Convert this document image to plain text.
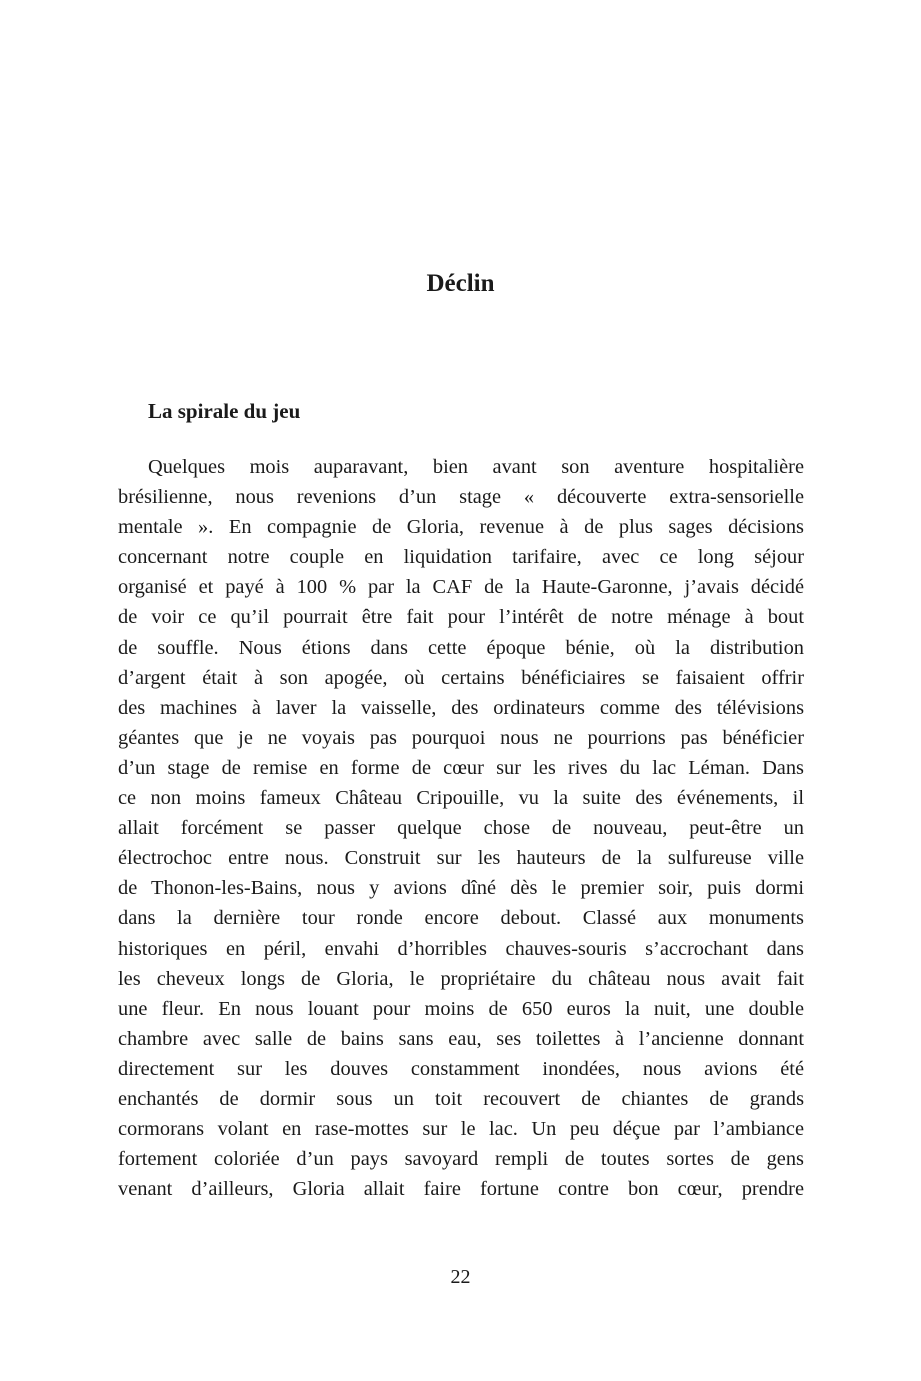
Déclin
La spirale du jeu
Quelques mois auparavant, bien avant son aventure hospitalière
brésilienne, nous revenions d’un stage « découverte extra-sensorielle
mentale ». En compagnie de Gloria, revenue à de plus sages décisions
concernant notre couple en liquidation tarifaire, avec ce long séjour
organisé et payé à 100 % par la CAF de la Haute-Garonne, j’avais décidé
de voir ce qu’il pourrait être fait pour l’intérêt de notre ménage à bout
de souffle. Nous étions dans cette époque bénie, où la distribution
d’argent était à son apogée, où certains bénéficiaires se faisaient offrir
des machines à laver la vaisselle, des ordinateurs comme des télévisions
géantes que je ne voyais pas pourquoi nous ne pourrions pas bénéficier
d’un stage de remise en forme de cœur sur les rives du lac Léman. Dans
ce non moins fameux Château Cripouille, vu la suite des événements, il
allait forcément se passer quelque chose de nouveau, peut-être un
électrochoc entre nous. Construit sur les hauteurs de la sulfureuse ville
de Thonon-les-Bains, nous y avions dîné dès le premier soir, puis dormi
dans la dernière tour ronde encore debout. Classé aux monuments
historiques en péril, envahi d’horribles chauves-souris s’accrochant dans
les cheveux longs de Gloria, le propriétaire du château nous avait fait
une fleur. En nous louant pour moins de 650 euros la nuit, une double
chambre avec salle de bains sans eau, ses toilettes à l’ancienne donnant
directement sur les douves constamment inondées, nous avions été
enchantés de dormir sous un toit recouvert de chiantes de grands
cormorans volant en rase-mottes sur le lac. Un peu déçue par l’ambiance
fortement coloriée d’un pays savoyard rempli de toutes sortes de gens
venant d’ailleurs, Gloria allait faire fortune contre bon cœur, prendre
22
